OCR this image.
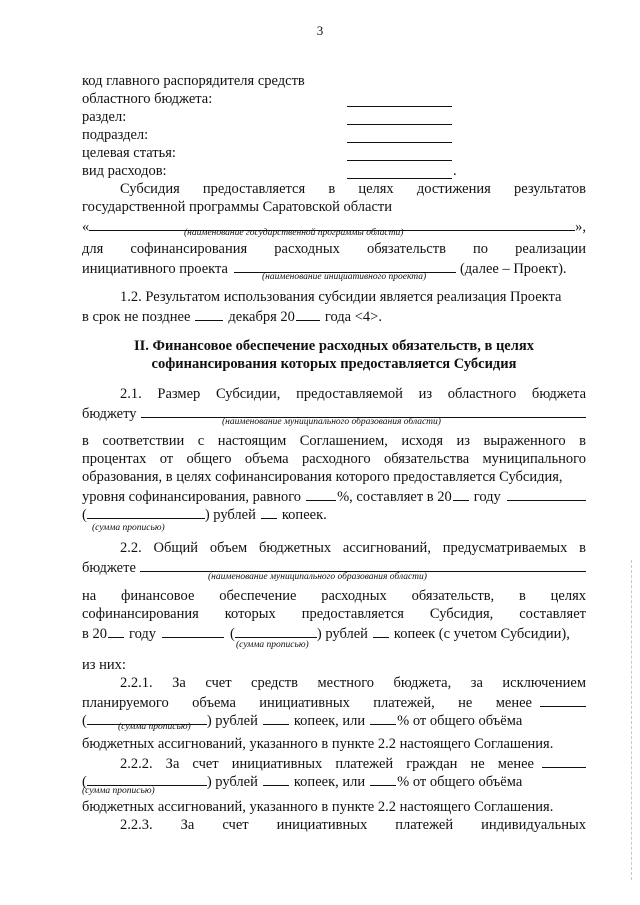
3
код главного распорядителя средств
областного бюджета:
раздел:
подраздел:
целевая статья:
вид расходов:	.
Субсидия предоставляется в целях достижения результатов
государственной программы Саратовской области
«	»,
(наименование государственной программы области)
для софинансирования расходных обязательств по реализации
инициативного проекта	(далее – Проект).
(наименование инициативного проекта)
1.2. Результатом использования субсидии является реализация Проекта
в срок не позднее	декабря 20 года <4>.
II. Финансовое обеспечение расходных обязательств, в целях
софинансирования которых предоставляется Субсидия
2.1. Размер Субсидии, предоставляемой из областного бюджета
бюджету	(наименование муниципального образования области)
в соответствии с настоящим Соглашением, исходя из выраженного в
процентах от общего объема расходного обязательства муниципального
образования, в целях софинансирования которого предоставляется Субсидия,
уровня софинансирования, равного %, составляет в 20 году
(	) рублей копеек.
(сумма прописью)
2.2. Общий объем бюджетных ассигнований, предусматриваемых в
бюджете
(наименование муниципального образования области)
на финансовое обеспечение расходных обязательств, в целях
софинансирования которых предоставляется Субсидия, составляет
в 20 году	(	) рублей копеек (с учетом Субсидии),
(сумма прописью)
из них:
2.2.1. За счет средств местного бюджета, за исключением
планируемого объема инициативных платежей, не менее
(	) рублей копеек, или % от общего объёма
(сумма прописью)
бюджетных ассигнований, указанного в пункте 2.2 настоящего Соглашения.
2.2.2. За счет инициативных платежей граждан не менее
(	) рублей копеек, или % от общего объёма
(сумма прописью)
бюджетных ассигнований, указанного в пункте 2.2 настоящего Соглашения.
2.2.3. За счет инициативных платежей индивидуальных
